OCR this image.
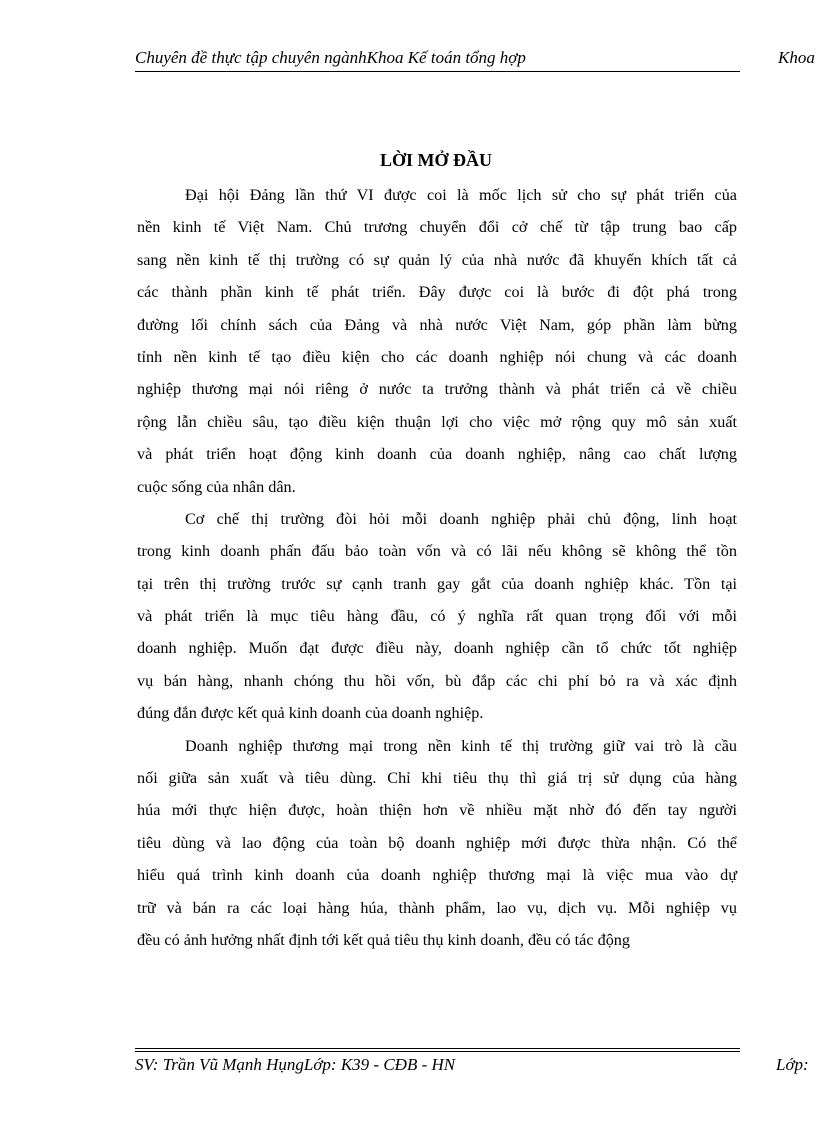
Chuyên đề thực tập chuyên ngànhKhoa Kế toán tổng hợp	Khoa
LỜI MỞ ĐẦU
Đại hội Đảng lần thứ VI được coi là mốc lịch sử cho sự phát triển của
nền kinh tế Việt Nam. Chủ trương chuyển đổi cở chế từ tập trung bao cấp
sang nền kinh tế thị trường có sự quản lý của nhà nước đã khuyến khích tất cả
các thành phần kinh tế phát triển. Đây được coi là bước đi đột phá trong
đường lối chính sách của Đảng và nhà nước Việt Nam, góp phần làm bừng
tỉnh nền kinh tế tạo điều kiện cho các doanh nghiệp nói chung và các doanh
nghiệp thương mại nói riêng ở nước ta trưởng thành và phát triển cả về chiều
rộng lẫn chiều sâu, tạo điều kiện thuận lợi cho việc mở rộng quy mô sản xuất
và phát triển hoạt động kinh doanh của doanh nghiệp, nâng cao chất lượng
cuộc sống của nhân dân.
Cơ chế thị trường đòi hỏi mỗi doanh nghiệp phải chủ động, linh hoạt
trong kinh doanh phấn đấu bảo toàn vốn và có lãi nếu không sẽ không thể tồn
tại trên thị trường trước sự cạnh tranh gay gắt của doanh nghiệp khác. Tồn tại
và phát triển là mục tiêu hàng đầu, có ý nghĩa rất quan trọng đối với mỗi
doanh nghiệp. Muốn đạt được điều này, doanh nghiệp cần tổ chức tốt nghiệp
vụ bán hàng, nhanh chóng thu hồi vốn, bù đắp các chi phí bỏ ra và xác định
đúng đắn được kết quả kinh doanh của doanh nghiệp.
Doanh nghiệp thương mại trong nền kinh tế thị trường giữ vai trò là cầu
nối giữa sản xuất và tiêu dùng. Chỉ khi tiêu thụ thì giá trị sử dụng của hàng
húa mới thực hiện được, hoàn thiện hơn về nhiều mặt nhờ đó đến tay người
tiêu dùng và lao động của toàn bộ doanh nghiệp mới được thừa nhận. Có thể
hiểu quá trình kinh doanh của doanh nghiệp thương mại là việc mua vào dự
trữ và bán ra các loại hàng húa, thành phẩm, lao vụ, dịch vụ. Mỗi nghiệp vụ
đều có ảnh hưởng nhất định tới kết quả tiêu thụ kinh doanh, đều có tác động
SV: Trần Vũ Mạnh HụngLớp: K39 - CĐB - HN	Lớp:
